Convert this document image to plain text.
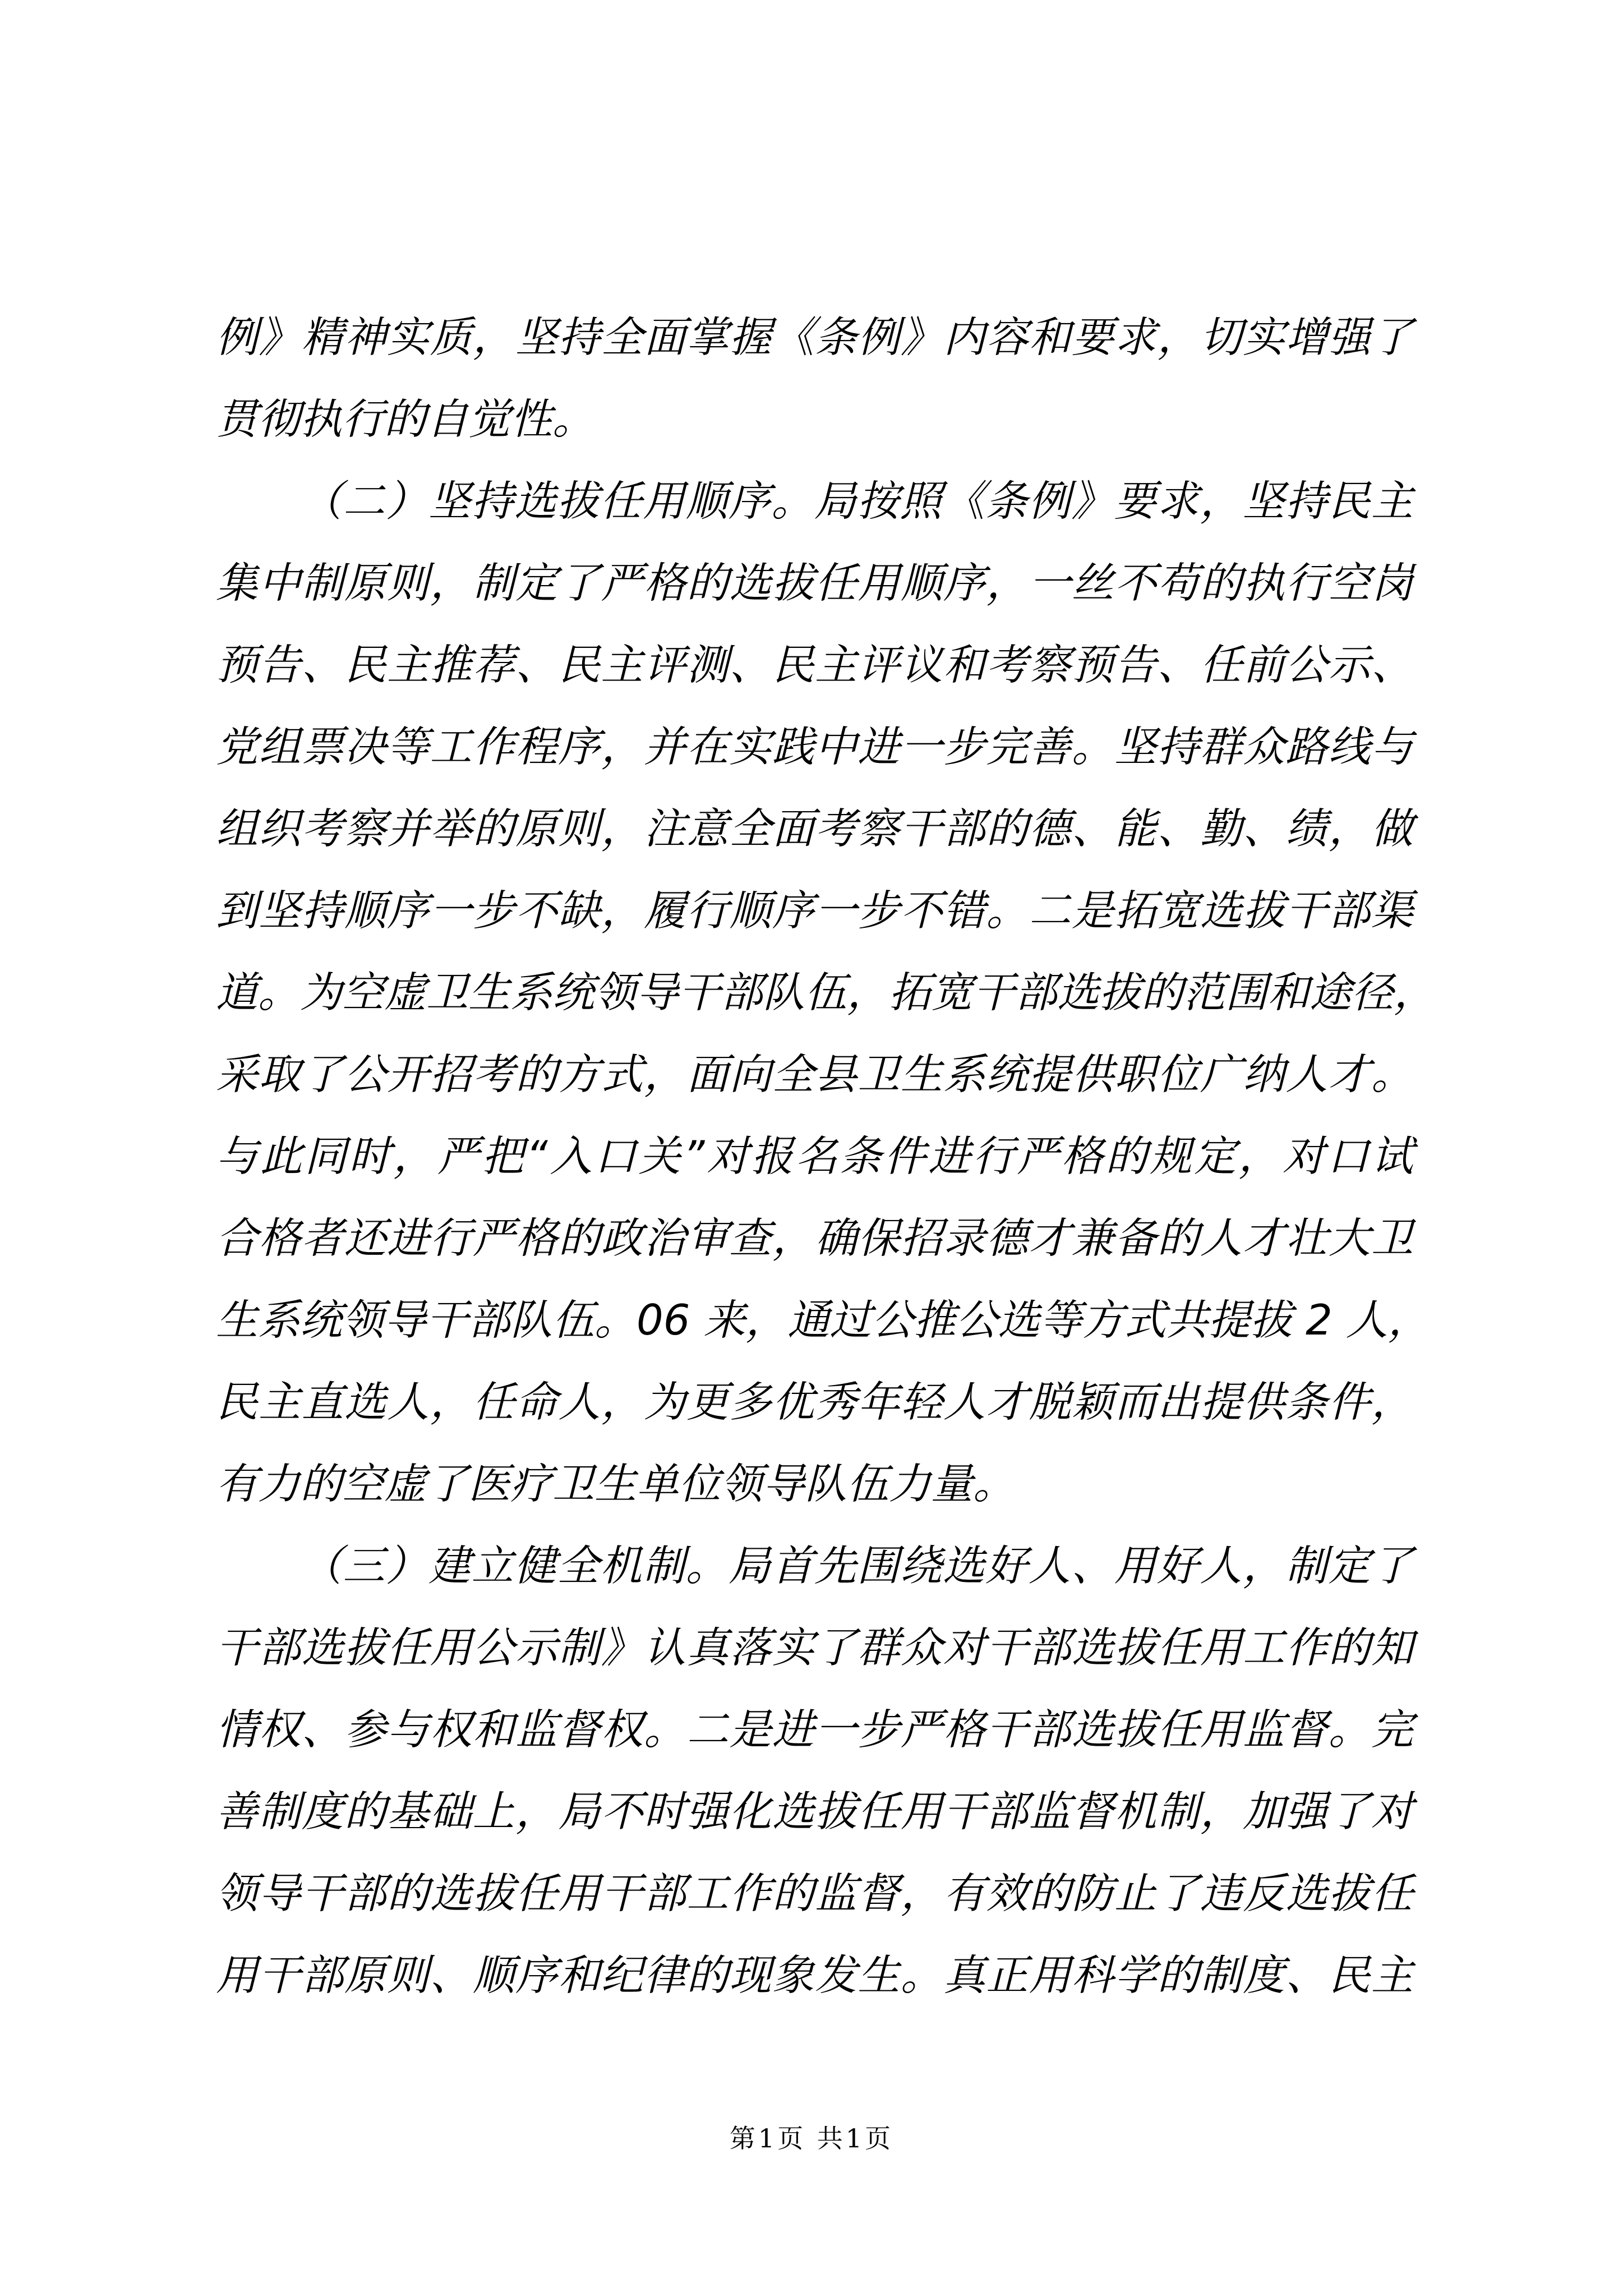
例》精神实质，坚持全面掌握《条例》内容和要求，切实增强了
贯彻执行的自觉性。
（二）坚持选拔任用顺序。局按照《条例》要求，坚持民主
集中制原则，制定了严格的选拔任用顺序，一丝不苟的执行空岗
预告、民主推荐、民主评测、民主评议和考察预告、任前公示、
党组票决等工作程序，并在实践中进一步完善。坚持群众路线与
组织考察并举的原则，注意全面考察干部的德、能、勤、绩，做
到坚持顺序一步不缺，履行顺序一步不错。二是拓宽选拔干部渠
道。为空虚卫生系统领导干部队伍，拓宽干部选拔的范围和途径，
采取了公开招考的方式，面向全县卫生系统提供职位广纳人才。
与此同时，严把“入口关”对报名条件进行严格的规定，对口试
合格者还进行严格的政治审查，确保招录德才兼备的人才壮大卫
生系统领导干部队伍。06 来，通过公推公选等方式共提拔 2 人，
民主直选人，任命人，为更多优秀年轻人才脱颖而出提供条件，
有力的空虚了医疗卫生单位领导队伍力量。
（三）建立健全机制。局首先围绕选好人、用好人，制定了
干部选拔任用公示制》认真落实了群众对干部选拔任用工作的知
情权、参与权和监督权。二是进一步严格干部选拔任用监督。完
善制度的基础上，局不时强化选拔任用干部监督机制，加强了对
领导干部的选拔任用干部工作的监督，有效的防止了违反选拔任
用干部原则、顺序和纪律的现象发生。真正用科学的制度、民主
第1页 共1页
